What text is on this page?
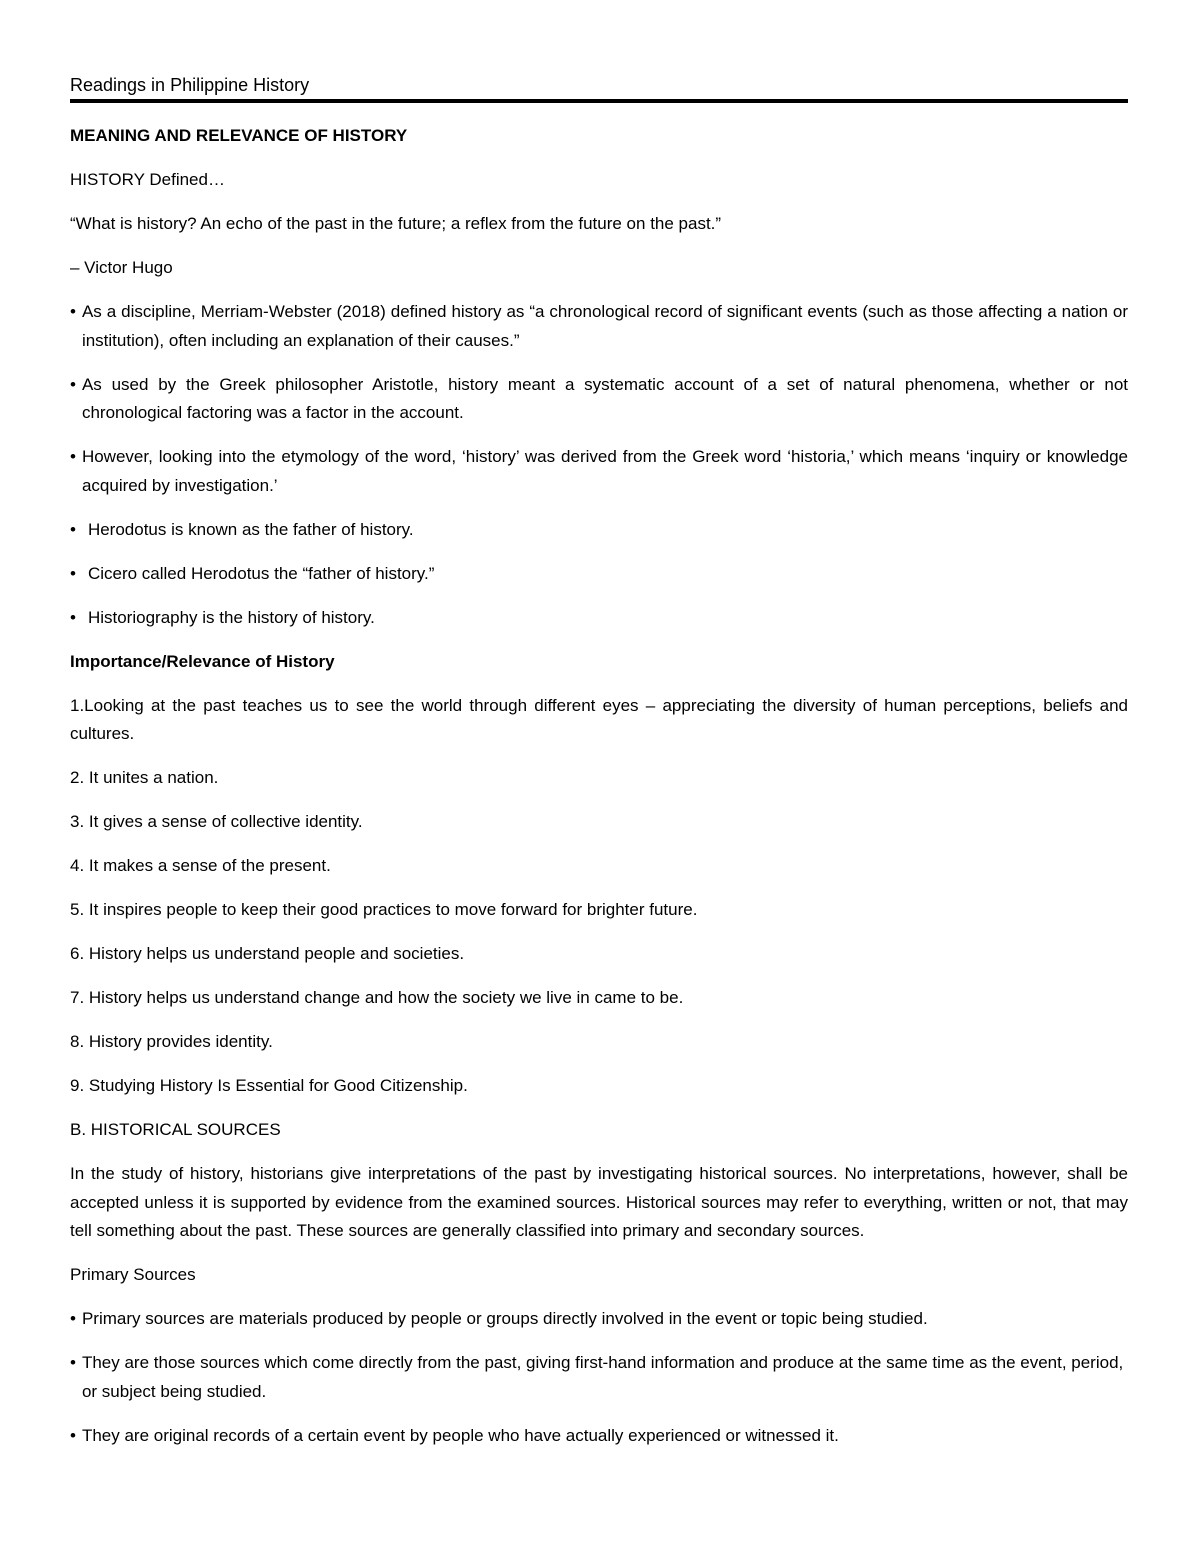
Readings in Philippine History

MEANING AND RELEVANCE OF HISTORY

HISTORY Defined…

“What is history? An echo of the past in the future; a reflex from the future on the past.”

– Victor Hugo

• As a discipline, Merriam-Webster (2018) defined history as “a chronological record of significant events (such as those affecting a nation or institution), often including an explanation of their causes.”
• As used by the Greek philosopher Aristotle, history meant a systematic account of a set of natural phenomena, whether or not chronological factoring was a factor in the account.
• However, looking into the etymology of the word, ‘history’ was derived from the Greek word ‘historia,’ which means ‘inquiry or knowledge acquired by investigation.’
• Herodotus is known as the father of history.
• Cicero called Herodotus the “father of history.”
• Historiography is the history of history.

Importance/Relevance of History

1.Looking at the past teaches us to see the world through different eyes – appreciating the diversity of human perceptions, beliefs and cultures.

2. It unites a nation.

3. It gives a sense of collective identity.

4. It makes a sense of the present.

5. It inspires people to keep their good practices to move forward for brighter future.

6. History helps us understand people and societies.

7. History helps us understand change and how the society we live in came to be.

8. History provides identity.

9. Studying History Is Essential for Good Citizenship.

B. HISTORICAL SOURCES

In the study of history, historians give interpretations of the past by investigating historical sources. No interpretations, however, shall be accepted unless it is supported by evidence from the examined sources. Historical sources may refer to everything, written or not, that may tell something about the past. These sources are generally classified into primary and secondary sources.

Primary Sources

• Primary sources are materials produced by people or groups directly involved in the event or topic being studied.
• They are those sources which come directly from the past, giving first-hand information and produce at the same time as the event, period, or subject being studied.
• They are original records of a certain event by people who have actually experienced or witnessed it.
